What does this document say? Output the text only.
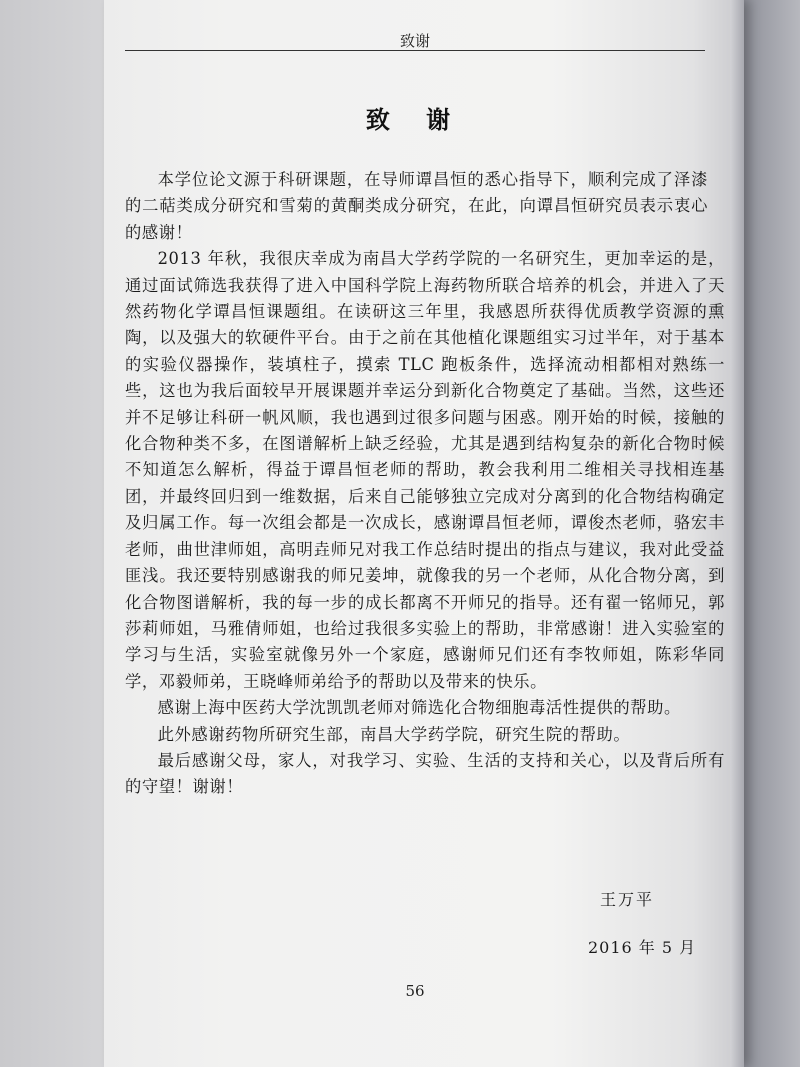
致谢
致 谢

本学位论文源于科研课题，在导师谭昌恒的悉心指导下，顺利完成了泽漆的二萜类成分研究和雪菊的黄酮类成分研究，在此，向谭昌恒研究员表示衷心的感谢！

2013 年秋，我很庆幸成为南昌大学药学院的一名研究生，更加幸运的是，通过面试筛选我获得了进入中国科学院上海药物所联合培养的机会，并进入了天然药物化学谭昌恒课题组。在读研这三年里，我感恩所获得优质教学资源的熏陶，以及强大的软硬件平台。由于之前在其他植化课题组实习过半年，对于基本的实验仪器操作，装填柱子，摸索 TLC 跑板条件，选择流动相都相对熟练一些，这也为我后面较早开展课题并幸运分到新化合物奠定了基础。当然，这些还并不足够让科研一帆风顺，我也遇到过很多问题与困惑。刚开始的时候，接触的化合物种类不多，在图谱解析上缺乏经验，尤其是遇到结构复杂的新化合物时候不知道怎么解析，得益于谭昌恒老师的帮助，教会我利用二维相关寻找相连基团，并最终回归到一维数据，后来自己能够独立完成对分离到的化合物结构确定及归属工作。每一次组会都是一次成长，感谢谭昌恒老师，谭俊杰老师，骆宏丰老师，曲世津师姐，高明垚师兄对我工作总结时提出的指点与建议，我对此受益匪浅。我还要特别感谢我的师兄姜坤，就像我的另一个老师，从化合物分离，到化合物图谱解析，我的每一步的成长都离不开师兄的指导。还有翟一铭师兄，郭莎莉师姐，马雅倩师姐，也给过我很多实验上的帮助，非常感谢！进入实验室的学习与生活，实验室就像另外一个家庭，感谢师兄们还有李牧师姐，陈彩华同学，邓毅师弟，王晓峰师弟给予的帮助以及带来的快乐。

感谢上海中医药大学沈凯凯老师对筛选化合物细胞毒活性提供的帮助。

此外感谢药物所研究生部，南昌大学药学院，研究生院的帮助。

最后感谢父母，家人，对我学习、实验、生活的支持和关心，以及背后所有的守望！谢谢！

王万平
2016 年 5 月
56
